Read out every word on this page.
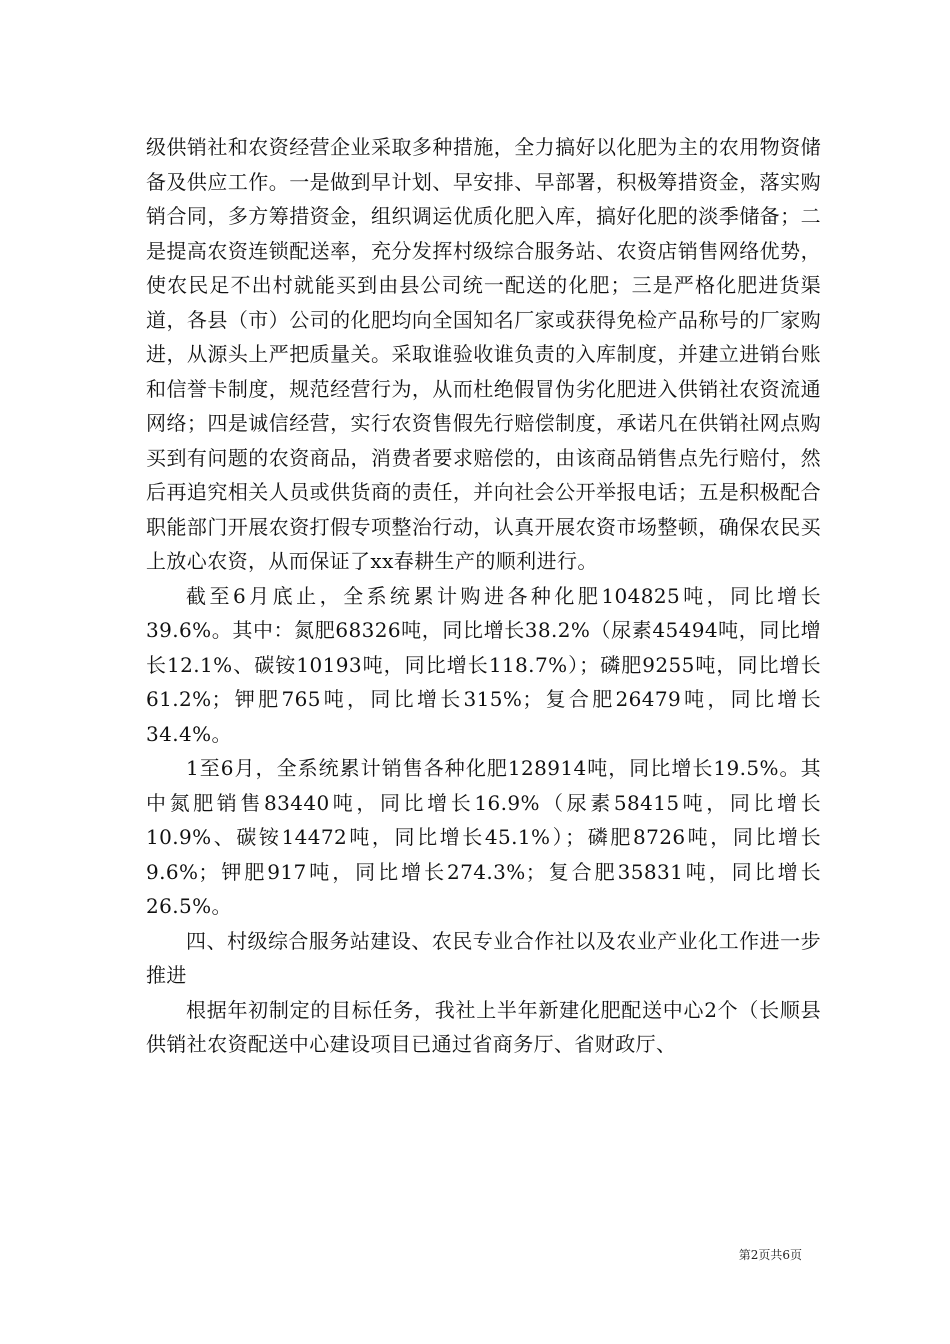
级供销社和农资经营企业采取多种措施，全力搞好以化肥为主的农用物资储备及供应工作。一是做到早计划、早安排、早部署，积极筹措资金，落实购销合同，多方筹措资金，组织调运优质化肥入库，搞好化肥的淡季储备；二是提高农资连锁配送率，充分发挥村级综合服务站、农资店销售网络优势，使农民足不出村就能买到由县公司统一配送的化肥；三是严格化肥进货渠道，各县（市）公司的化肥均向全国知名厂家或获得免检产品称号的厂家购进，从源头上严把质量关。采取谁验收谁负责的入库制度，并建立进销台账和信誉卡制度，规范经营行为，从而杜绝假冒伪劣化肥进入供销社农资流通网络；四是诚信经营，实行农资售假先行赔偿制度，承诺凡在供销社网点购买到有问题的农资商品，消费者要求赔偿的，由该商品销售点先行赔付，然后再追究相关人员或供货商的责任，并向社会公开举报电话；五是积极配合职能部门开展农资打假专项整治行动，认真开展农资市场整顿，确保农民买上放心农资，从而保证了xx春耕生产的顺利进行。

截至6月底止，全系统累计购进各种化肥104825吨，同比增长39.6%。其中：氮肥68326吨，同比增长38.2%（尿素45494吨，同比增长12.1%、碳铵10193吨，同比增长118.7%）；磷肥9255吨，同比增长61.2%；钾肥765吨，同比增长315%；复合肥26479吨，同比增长34.4%。

1至6月，全系统累计销售各种化肥128914吨，同比增长19.5%。其中氮肥销售83440吨，同比增长16.9%（尿素58415吨，同比增长10.9%、碳铵14472吨，同比增长45.1%）；磷肥8726吨，同比增长9.6%；钾肥917吨，同比增长274.3%；复合肥35831吨，同比增长26.5%。

四、村级综合服务站建设、农民专业合作社以及农业产业化工作进一步推进

根据年初制定的目标任务，我社上半年新建化肥配送中心2个（长顺县供销社农资配送中心建设项目已通过省商务厅、省财政厅、

第2页共6页
